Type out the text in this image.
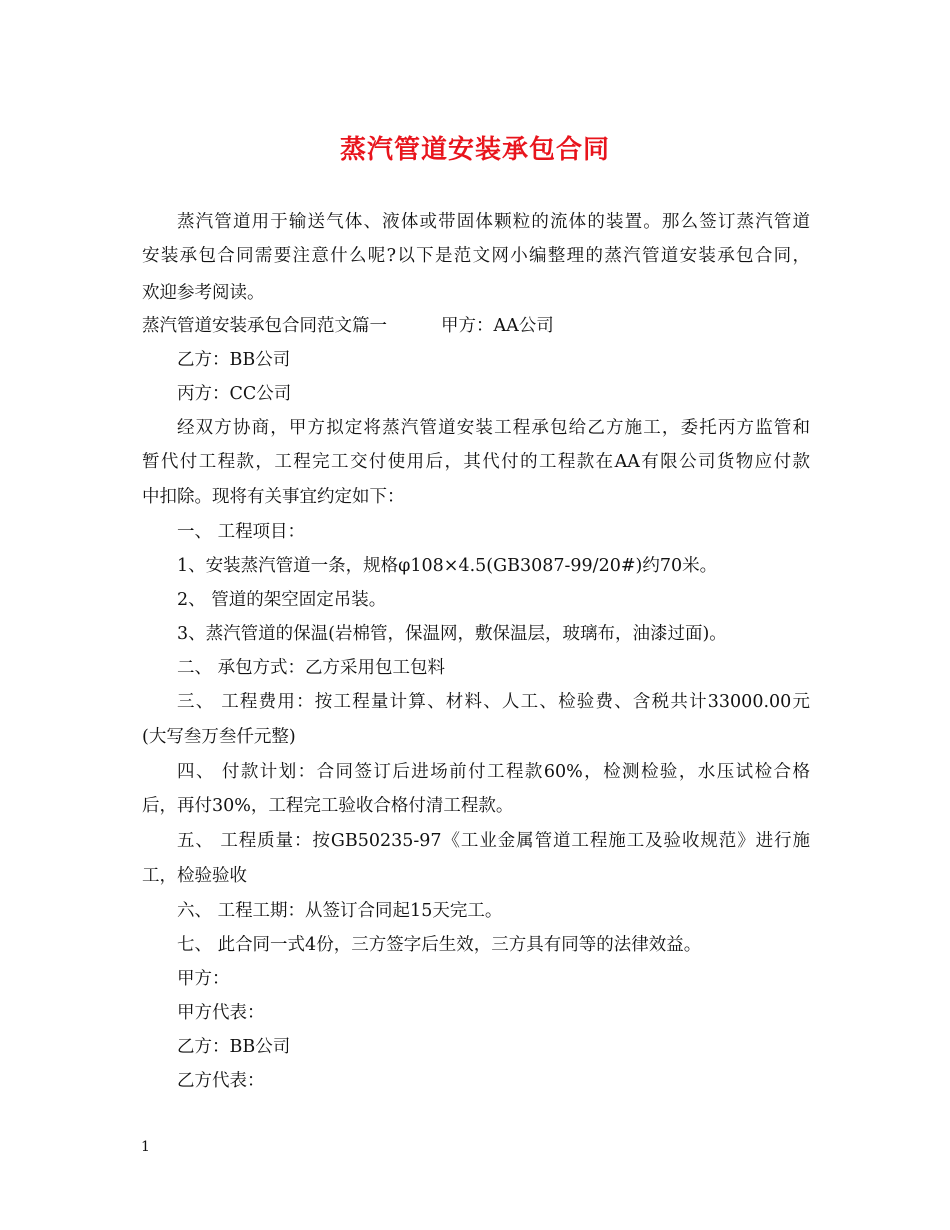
蒸汽管道安装承包合同
蒸汽管道用于输送气体、液体或带固体颗粒的流体的装置。那么签订蒸汽管道
安装承包合同需要注意什么呢?以下是范文网小编整理的蒸汽管道安装承包合同，
欢迎参考阅读。
蒸汽管道安装承包合同范文篇一	甲方：AA公司
乙方：BB公司
丙方：CC公司
经双方协商，甲方拟定将蒸汽管道安装工程承包给乙方施工，委托丙方监管和
暂代付工程款，工程完工交付使用后，其代付的工程款在AA有限公司货物应付款
中扣除。现将有关事宜约定如下：
一、 工程项目：
1、安装蒸汽管道一条，规格φ108×4.5(GB3087-99/20#)约70米。
2、 管道的架空固定吊装。
3、蒸汽管道的保温(岩棉管，保温网，敷保温层，玻璃布，油漆过面)。
二、 承包方式：乙方采用包工包料
三、 工程费用：按工程量计算、材料、人工、检验费、含税共计33000.00元
(大写叁万叁仟元整)
四、 付款计划：合同签订后进场前付工程款60%，检测检验，水压试检合格
后，再付30%，工程完工验收合格付清工程款。
五、 工程质量：按GB50235-97《工业金属管道工程施工及验收规范》进行施
工，检验验收
六、 工程工期：从签订合同起15天完工。
七、 此合同一式4份，三方签字后生效，三方具有同等的法律效益。
甲方：
甲方代表：
乙方：BB公司
乙方代表：
1
